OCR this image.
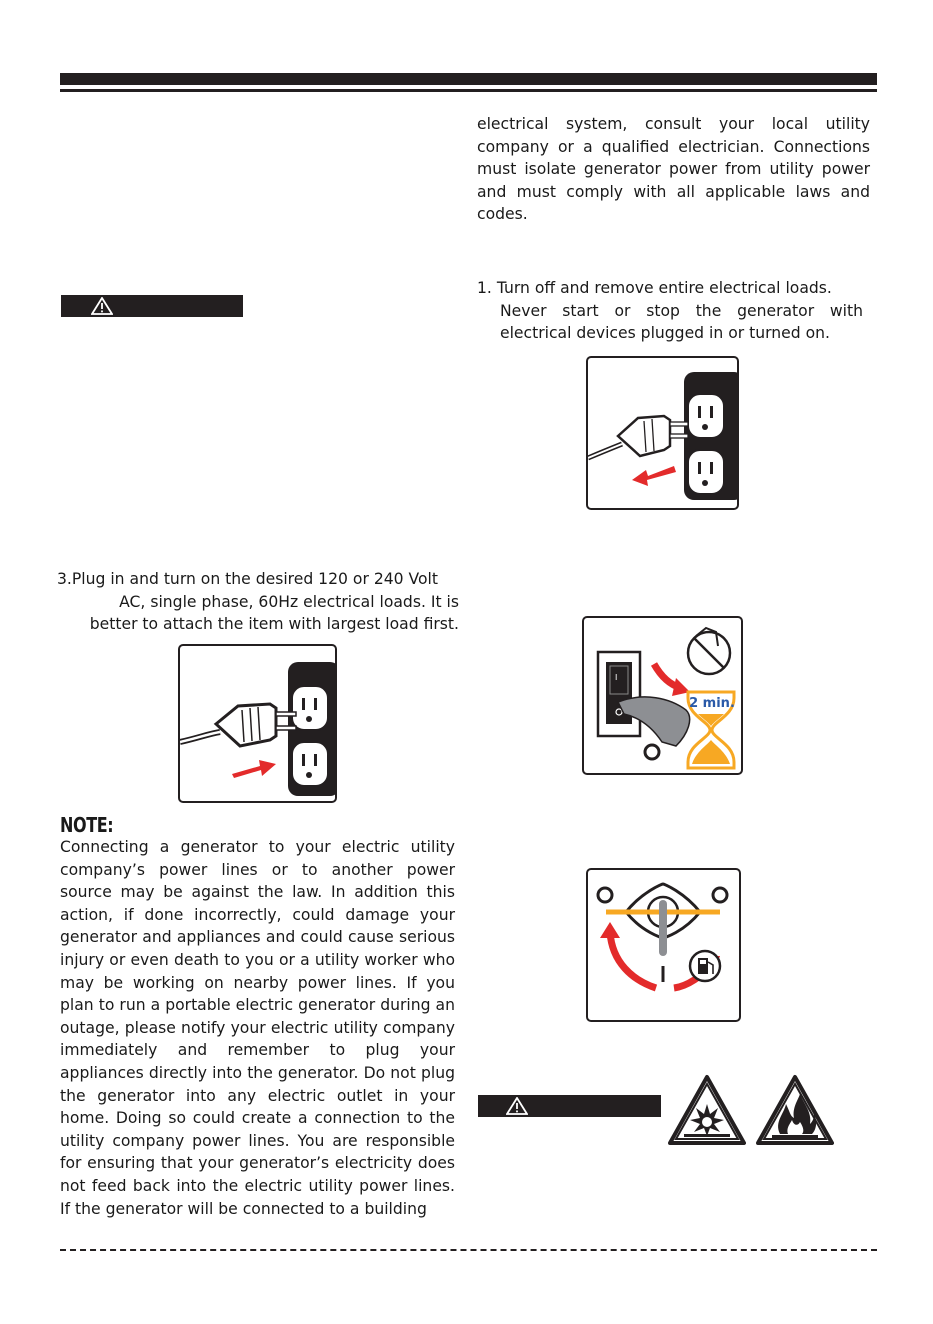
3.Plug in and turn on the desired 120 or 240 Volt
AC, single phase, 60Hz electrical loads. It is better to attach the item with largest load first.
NOTE:
Connecting a generator to your electric utility company’s power lines or to another power source may be against the law. In addition this action, if done incorrectly, could damage your generator and appliances and could cause serious injury or even death to you or a utility worker who may be working on nearby power lines. If you plan to run a portable electric generator during an outage, please notify your electric utility company immediately and remember to plug your appliances directly into the generator. Do not plug the generator into any electric outlet in your home. Doing so could create a connection to the utility company power lines. You are responsible for ensuring that your generator’s electricity does not feed back into the electric utility power lines. If the generator will be connected to a building
electrical system, consult your local utility company or a qualified electrician. Connections must isolate generator power from utility power and must comply with all applicable laws and codes.
1. Turn off and remove entire electrical loads.
Never start or stop the generator with electrical devices plugged in or turned on.
I
2 min.
